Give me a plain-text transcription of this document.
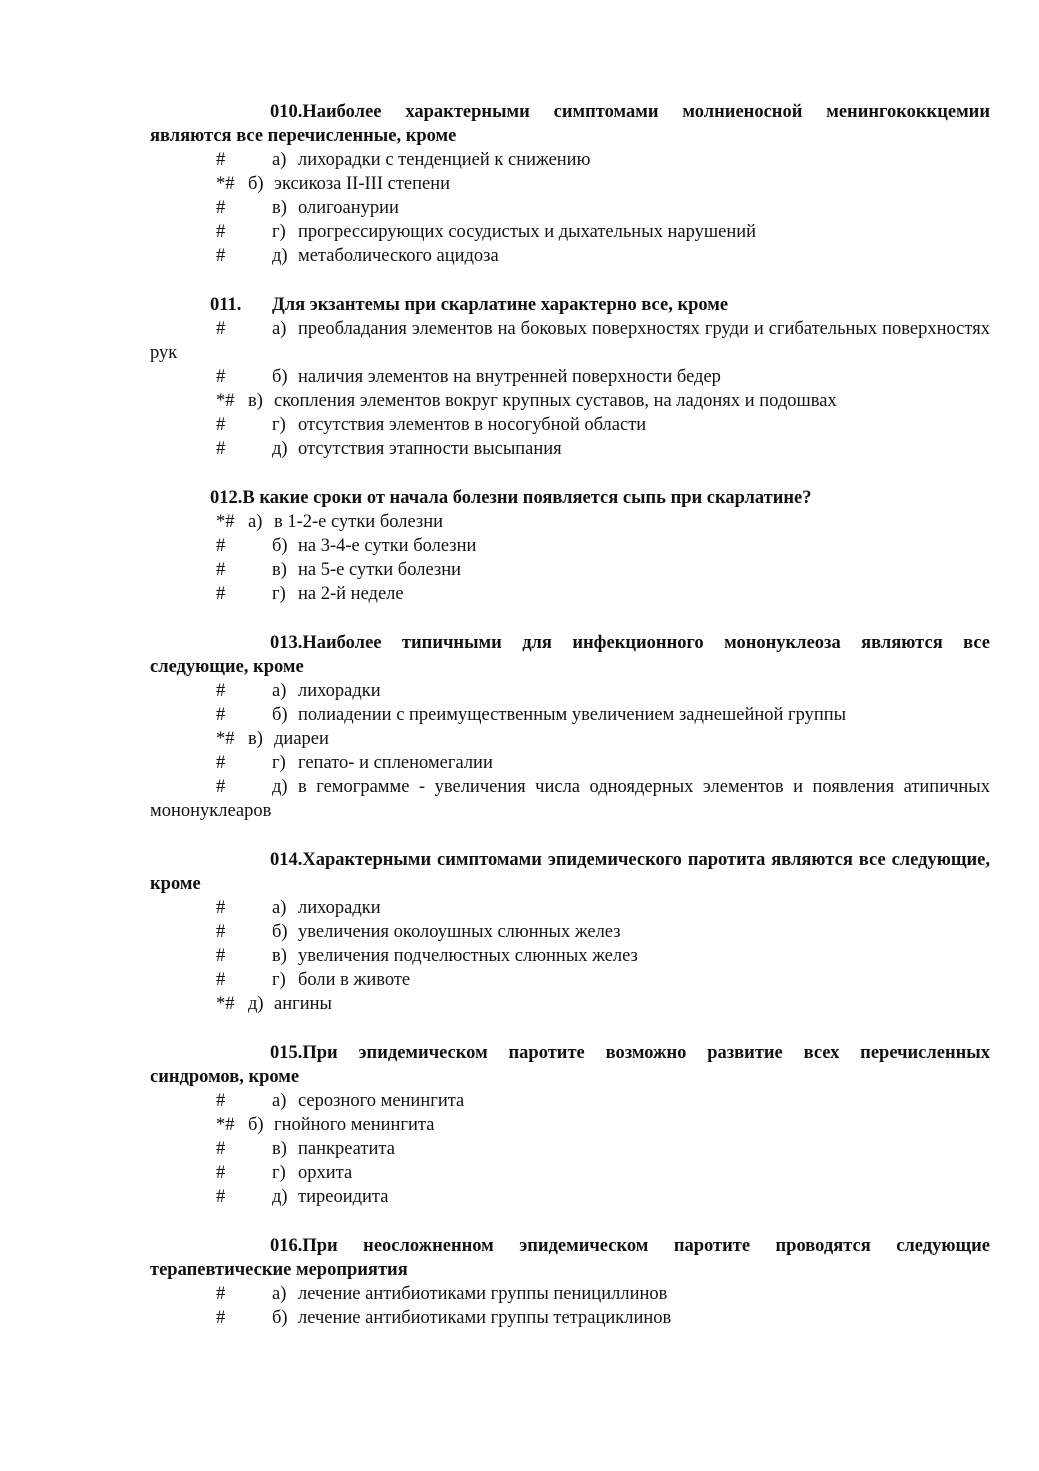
010.Наиболее характерными симптомами молниеносной менингококкцемии являются все перечисленные, кроме
#	а) лихорадки с тенденцией к снижению
*# б) эксикоза II-III степени
#	в) олигоанурии
#	г) прогрессирующих сосудистых и дыхательных нарушений
#	д) метаболического ацидоза
011. Для экзантемы при скарлатине характерно все, кроме
#	а) преобладания элементов на боковых поверхностях груди и сгибательных поверхностях рук
#	б) наличия элементов на внутренней поверхности бедер
*# в) скопления элементов вокруг крупных суставов, на ладонях и подошвах
#	г) отсутствия элементов в носогубной области
#	д) отсутствия этапности высыпания
012.В какие сроки от начала болезни появляется сыпь при скарлатине?
*# а) в 1-2-е сутки болезни
#	б) на 3-4-е сутки болезни
#	в) на 5-е сутки болезни
#	г) на 2-й неделе
013.Наиболее типичными для инфекционного мононуклеоза являются все следующие, кроме
#	а) лихорадки
#	б) полиадении с преимущественным увеличением заднешейной группы
*# в) диареи
#	г) гепато- и спленомегалии
#	д) в гемограмме - увеличения числа одноядерных элементов и появления атипичных мононуклеаров
014.Характерными симптомами эпидемического паротита являются все следующие, кроме
#	а) лихорадки
#	б) увеличения околоушных слюнных желез
#	в) увеличения подчелюстных слюнных желез
#	г) боли в животе
*# д) ангины
015.При эпидемическом паротите возможно развитие всех перечисленных синдромов, кроме
#	а) серозного менингита
*# б) гнойного менингита
#	в) панкреатита
#	г) орхита
#	д) тиреоидита
016.При неосложненном эпидемическом паротите проводятся следующие терапевтические мероприятия
#	а) лечение антибиотиками группы пенициллинов
#	б) лечение антибиотиками группы тетрациклинов
